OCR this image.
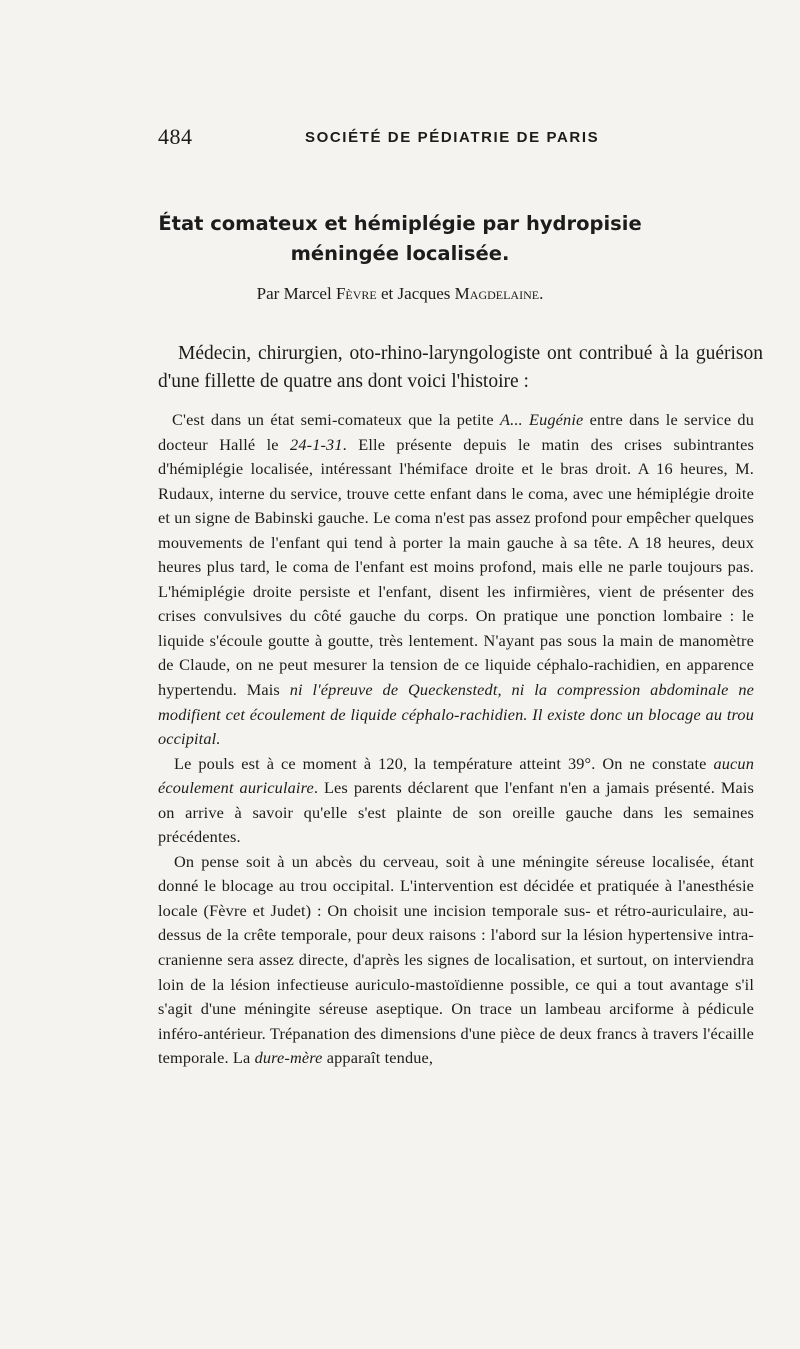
484	SOCIÉTÉ DE PÉDIATRIE DE PARIS
État comateux et hémiplégie par hydropisie
méningée localisée.
Par Marcel Fèvre et Jacques Magdelaine.
Médecin, chirurgien, oto-rhino-laryngologiste ont contribué à la guérison d'une fillette de quatre ans dont voici l'histoire :

C'est dans un état semi-comateux que la petite A... Eugénie entre dans le service du docteur Hallé le 24-1-31. Elle présente depuis le matin des crises subintrantes d'hémiplégie localisée, intéressant l'hémiface droite et le bras droit. A 16 heures, M. Rudaux, interne du service, trouve cette enfant dans le coma, avec une hémiplégie droite et un signe de Babinski gauche. Le coma n'est pas assez profond pour empêcher quelques mouvements de l'enfant qui tend à porter la main gauche à sa tête. A 18 heures, deux heures plus tard, le coma de l'enfant est moins profond, mais elle ne parle toujours pas. L'hémiplégie droite persiste et l'enfant, disent les infirmières, vient de présenter des crises convulsives du côté gauche du corps. On pratique une ponction lombaire : le liquide s'écoule goutte à goutte, très lentement. N'ayant pas sous la main de manomètre de Claude, on ne peut mesurer la tension de ce liquide céphalo-rachidien, en apparence hypertendu. Mais ni l'épreuve de Queckenstedt, ni la compression abdominale ne modifient cet écoulement de liquide céphalo-rachidien. Il existe donc un blocage au trou occipital.

Le pouls est à ce moment à 120, la température atteint 39°. On ne constate aucun écoulement auriculaire. Les parents déclarent que l'enfant n'en a jamais présenté. Mais on arrive à savoir qu'elle s'est plainte de son oreille gauche dans les semaines précédentes.

On pense soit à un abcès du cerveau, soit à une méningite séreuse localisée, étant donné le blocage au trou occipital. L'intervention est décidée et pratiquée à l'anesthésie locale (Fèvre et Judet) : On choisit une incision temporale sus- et rétro-auriculaire, au-dessus de la crête temporale, pour deux raisons : l'abord sur la lésion hypertensive intra-cranienne sera assez directe, d'après les signes de localisation, et surtout, on interviendra loin de la lésion infectieuse auriculo-mastoïdienne possible, ce qui a tout avantage s'il s'agit d'une méningite séreuse aseptique. On trace un lambeau arciforme à pédicule inféro-antérieur. Trépanation des dimensions d'une pièce de deux francs à travers l'écaille temporale. La dure-mère apparaît tendue,
